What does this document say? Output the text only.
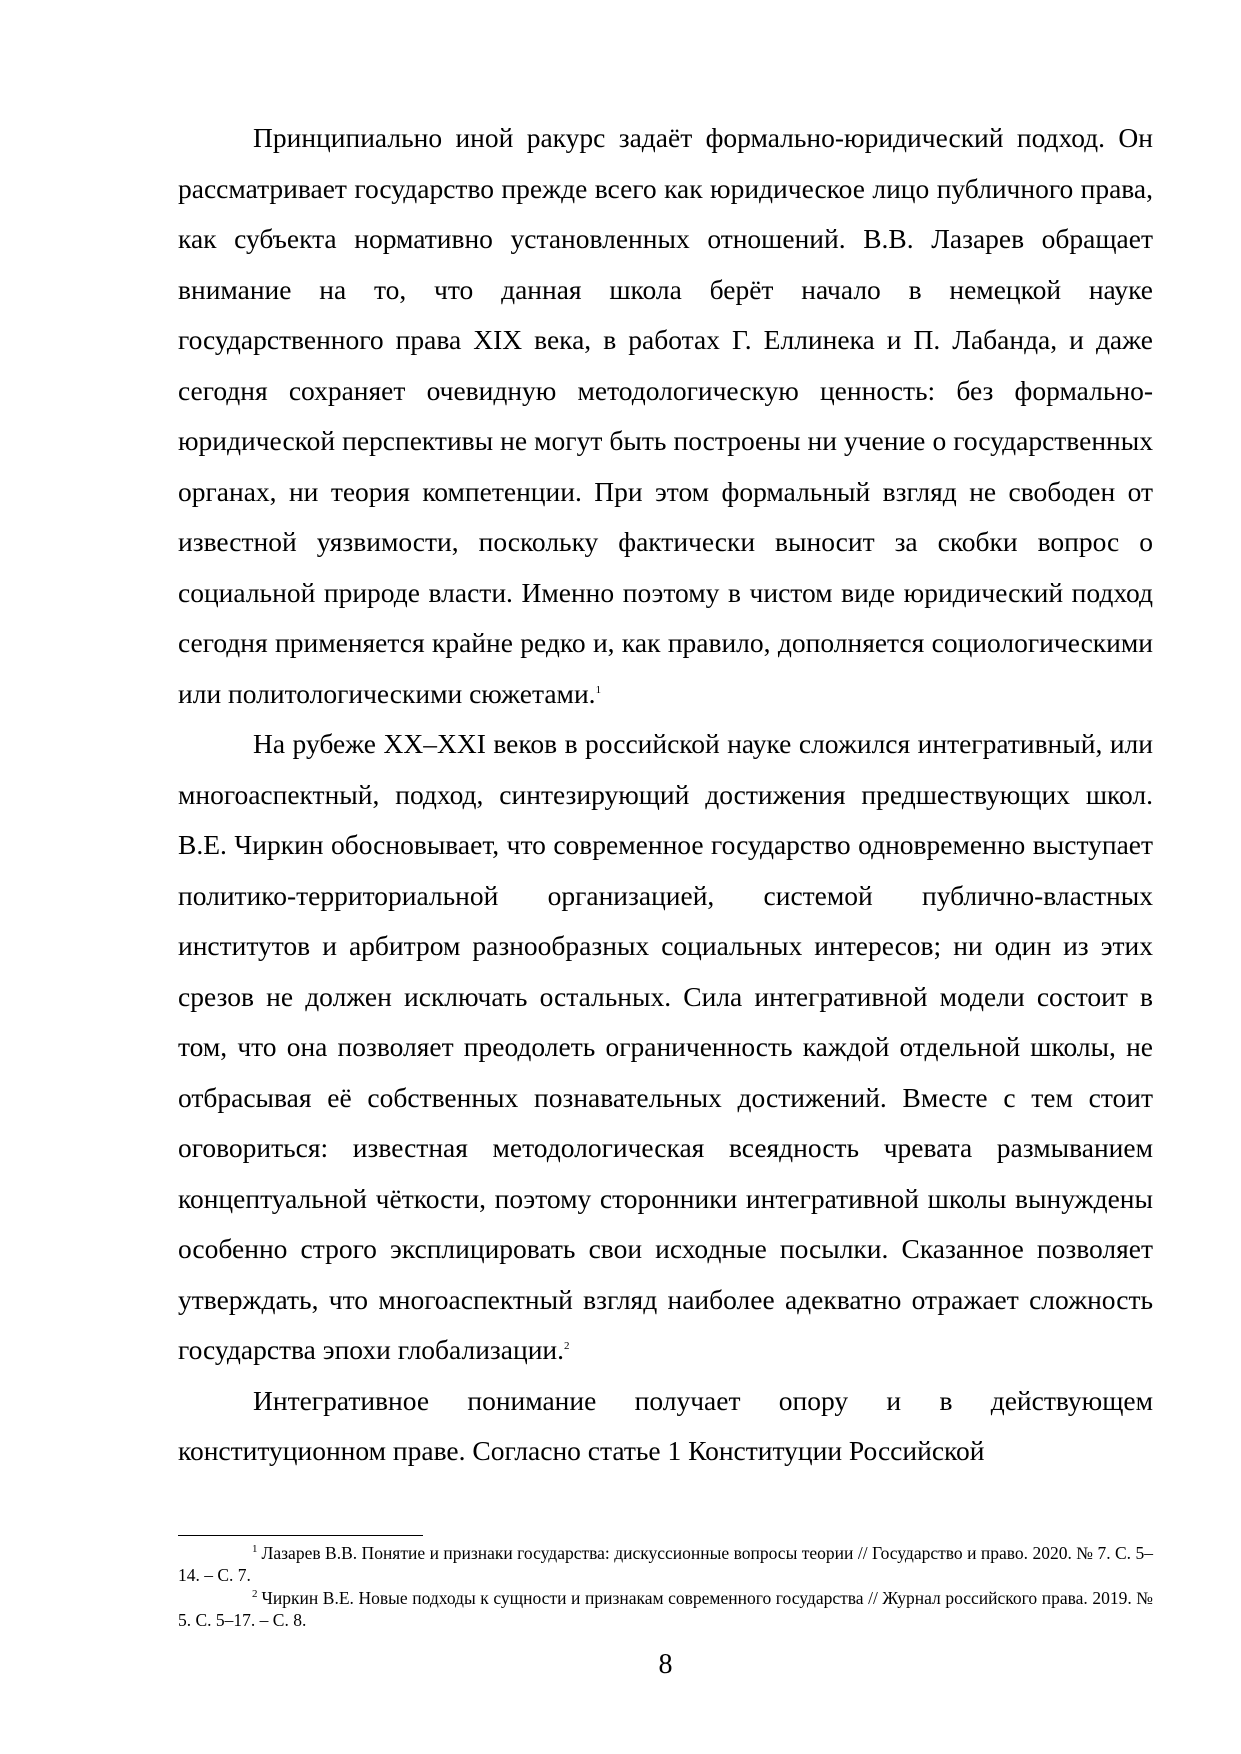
Принципиально иной ракурс задаёт формально-юридический подход. Он рассматривает государство прежде всего как юридическое лицо публичного права, как субъекта нормативно установленных отношений. В.В. Лазарев обращает внимание на то, что данная школа берёт начало в немецкой науке государственного права XIX века, в работах Г. Еллинека и П. Лабанда, и даже сегодня сохраняет очевидную методологическую ценность: без формально-юридической перспективы не могут быть построены ни учение о государственных органах, ни теория компетенции. При этом формальный взгляд не свободен от известной уязвимости, поскольку фактически выносит за скобки вопрос о социальной природе власти. Именно поэтому в чистом виде юридический подход сегодня применяется крайне редко и, как правило, дополняется социологическими или политологическими сюжетами.$^1$

На рубеже XX–XXI веков в российской науке сложился интегративный, или многоаспектный, подход, синтезирующий достижения предшествующих школ. В.Е. Чиркин обосновывает, что современное государство одновременно выступает политико-территориальной организацией, системой публично-властных институтов и арбитром разнообразных социальных интересов; ни один из этих срезов не должен исключать остальных. Сила интегративной модели состоит в том, что она позволяет преодолеть ограниченность каждой отдельной школы, не отбрасывая её собственных познавательных достижений. Вместе с тем стоит оговориться: известная методологическая всеядность чревата размыванием концептуальной чёткости, поэтому сторонники интегративной школы вынуждены особенно строго эксплицировать свои исходные посылки. Сказанное позволяет утверждать, что многоаспектный взгляд наиболее адекватно отражает сложность государства эпохи глобализации.$^2$

Интегративное понимание получает опору и в действующем конституционном праве. Согласно статье 1 Конституции Российской

$^1$ Лазарев В.В. Понятие и признаки государства: дискуссионные вопросы теории // Государство и право. 2020. № 7. С. 5–14. – С. 7.

$^2$ Чиркин В.Е. Новые подходы к сущности и признакам современного государства // Журнал российского права. 2019. № 5. С. 5–17. – С. 8.

8
